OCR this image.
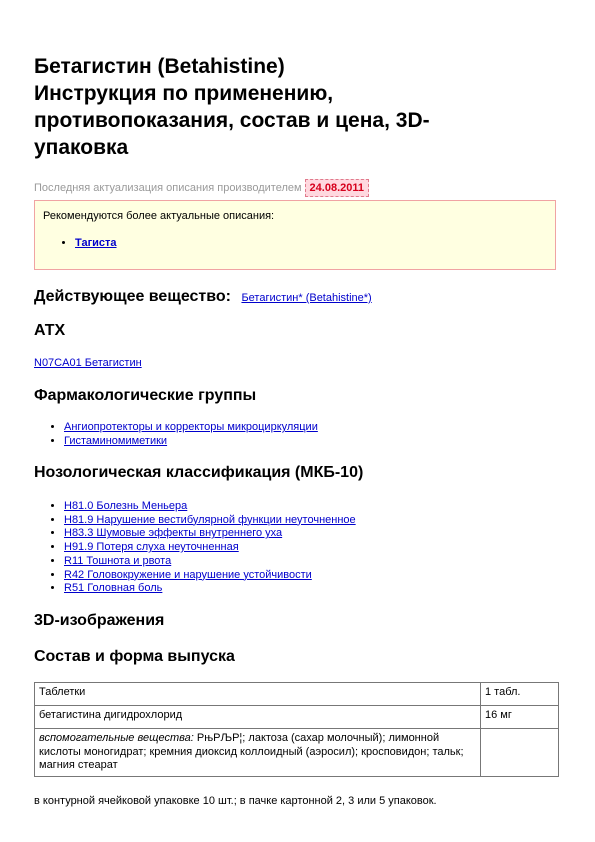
Бетагистин (Betahistine)
Инструкция по применению,
противопоказания, состав и цена, 3D-
упаковка
Последняя актуализация описания производителем 24.08.2011
Рекомендуются более актуальные описания:
• Тагиста
Действующее вещество: Бетагистин* (Betahistine*)
АТХ
N07CA01 Бетагистин
Фармакологические группы
• Ангиопротекторы и корректоры микроциркуляции
• Гистаминомиметики
Нозологическая классификация (МКБ-10)
• H81.0 Болезнь Меньера
• H81.9 Нарушение вестибулярной функции неуточненное
• H83.3 Шумовые эффекты внутреннего уха
• H91.9 Потеря слуха неуточненная
• R11 Тошнота и рвота
• R42 Головокружение и нарушение устойчивости
• R51 Головная боль
3D-изображения
Состав и форма выпуска
Таблетки	1 табл.
бетагистина дигидрохлорид	16 мг
вспомогательные вещества: РњРЉР¦; лактоза (сахар молочный); лимонной кислоты моногидрат; кремния диоксид коллоидный (аэросил); кросповидон; тальк; магния стеарат	
в контурной ячейковой упаковке 10 шт.; в пачке картонной 2, 3 или 5 упаковок.
